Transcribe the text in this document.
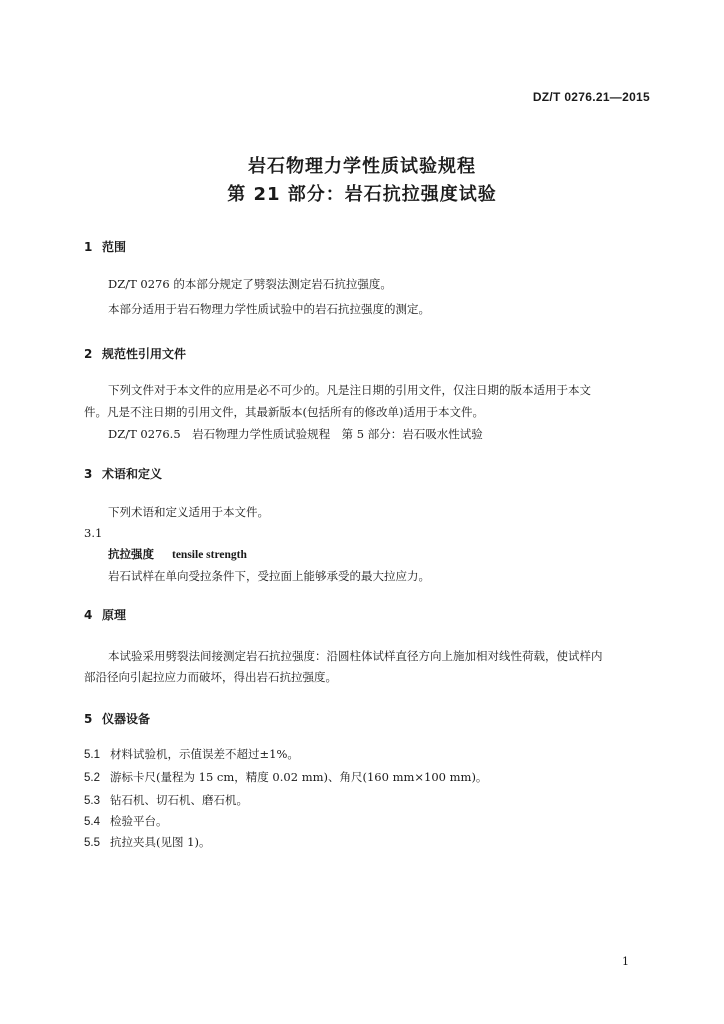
DZ/T 0276.21—2015
岩石物理力学性质试验规程
第 21 部分：岩石抗拉强度试验
1 范围
DZ/T 0276 的本部分规定了劈裂法测定岩石抗拉强度。
本部分适用于岩石物理力学性质试验中的岩石抗拉强度的测定。
2 规范性引用文件
下列文件对于本文件的应用是必不可少的。凡是注日期的引用文件，仅注日期的版本适用于本文
件。凡是不注日期的引用文件，其最新版本(包括所有的修改单)适用于本文件。
DZ/T 0276.5　岩石物理力学性质试验规程　第 5 部分：岩石吸水性试验
3 术语和定义
下列术语和定义适用于本文件。
3.1
抗拉强度 tensile strength
岩石试样在单向受拉条件下，受拉面上能够承受的最大拉应力。
4 原理
本试验采用劈裂法间接测定岩石抗拉强度：沿圆柱体试样直径方向上施加相对线性荷载，使试样内
部沿径向引起拉应力而破坏，得出岩石抗拉强度。
5 仪器设备
5.1 材料试验机，示值误差不超过±1%。
5.2 游标卡尺(量程为 15 cm，精度 0.02 mm)、角尺(160 mm×100 mm)。
5.3 钻石机、切石机、磨石机。
5.4 检验平台。
5.5 抗拉夹具(见图 1)。
1
